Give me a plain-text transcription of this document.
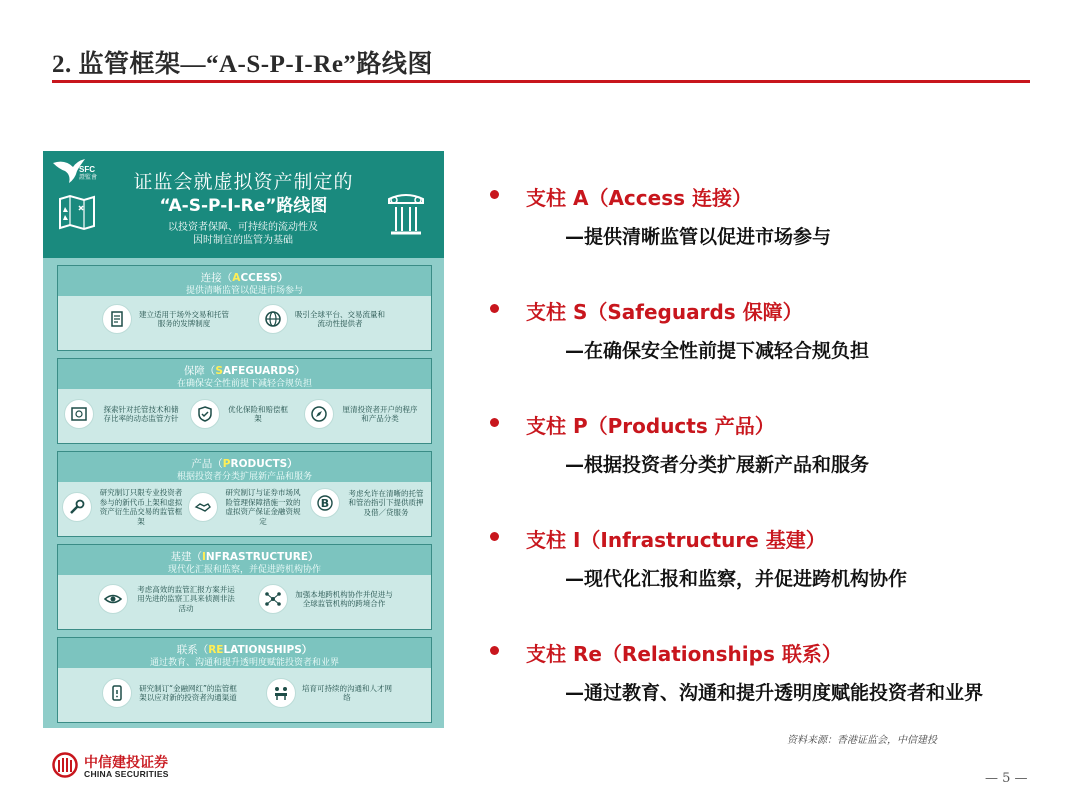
2. 监管框架—“A-S-P-I-Re”路线图
SFC
證監會	证监会就虚拟资产制定的
“A-S-P-I-Re”路线图
以投资者保障、可持续的流动性及
因时制宜的监管为基础
连接（ACCESS）
提供清晰监管以促进市场参与
建立适用于场外交易和托管服务的发牌制度
吸引全球平台、交易流量和流动性提供者
保障（SAFEGUARDS）
在确保安全性前提下减轻合规负担
探索针对托管技术和储存比率的动态监管方针
优化保险和赔偿框架
厘清投资者开户的程序和产品分类
产品（PRODUCTS）
根据投资者分类扩展新产品和服务
研究制订只限专业投资者参与的新代币上架和虚拟资产衍生品交易的监管框架
研究制订与证券市场风险管理保障措施一致的虚拟资产保证金融资规定
B
考虑允许在清晰的托管和管治指引下提供质押及借／贷服务
基建（INFRASTRUCTURE）
现代化汇报和监察，并促进跨机构协作
考虑高效的监管汇报方案并运用先进的监察工具来侦测非法活动
加强本地跨机构协作并促进与全球监管机构的跨境合作
联系（RELATIONSHIPS）
通过教育、沟通和提升透明度赋能投资者和业界
研究制订“金融网红”的监管框架以应对新的投资者沟通渠道
培育可持续的沟通和人才网络
支柱 A（Access 连接）
—提供清晰监管以促进市场参与
支柱 S（Safeguards 保障）
—在确保安全性前提下减轻合规负担
支柱 P（Products 产品）
—根据投资者分类扩展新产品和服务
支柱 I（Infrastructure 基建）
—现代化汇报和监察，并促进跨机构协作
支柱 Re（Relationships 联系）
—通过教育、沟通和提升透明度赋能投资者和业界
资料来源：香港证监会，中信建投
中信建投证券
CHINA SECURITIES	— 5 —
